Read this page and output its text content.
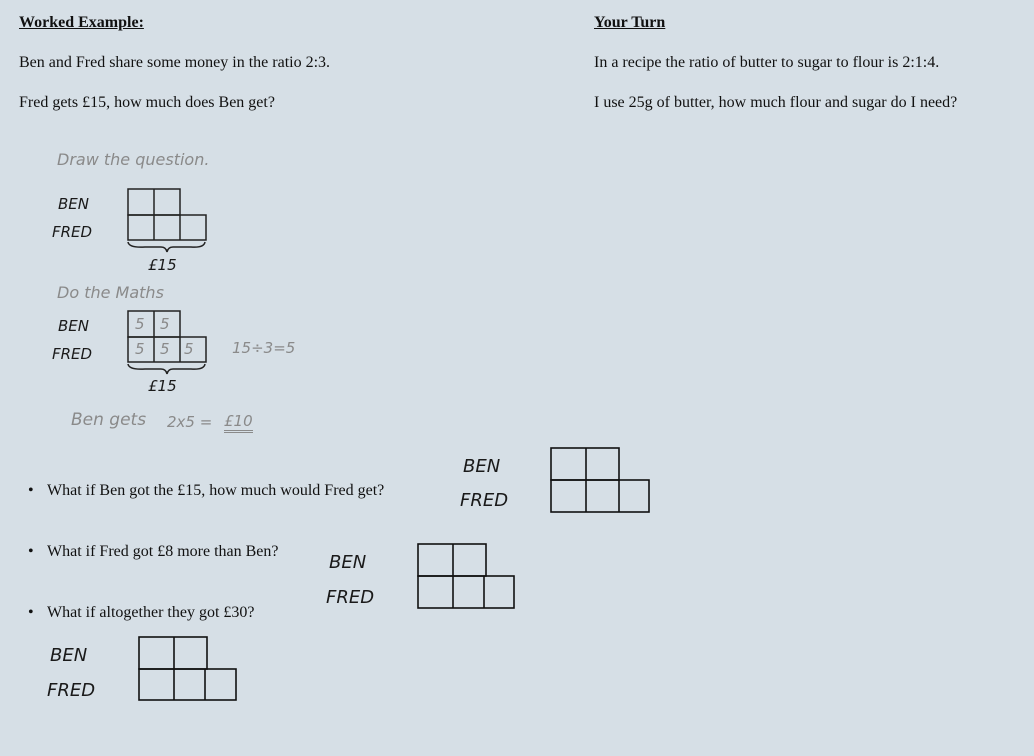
Worked Example:
Ben and Fred share some money in the ratio 2:3.
Fred gets £15, how much does Ben get?
Your Turn
In a recipe the ratio of butter to sugar to flour is 2:1:4.
I use 25g of butter, how much flour and sugar do I need?
Draw the question.
BEN
FRED
£15
Do the Maths
BEN
FRED
5 5
5 5 5	15÷3=5
£15
Ben gets 2x5 = £10
• What if Ben got the £15, how much would Fred get?
• What if Fred got £8 more than Ben?
• What if altogether they got £30?
BEN
FRED
BEN
FRED
BEN
FRED
